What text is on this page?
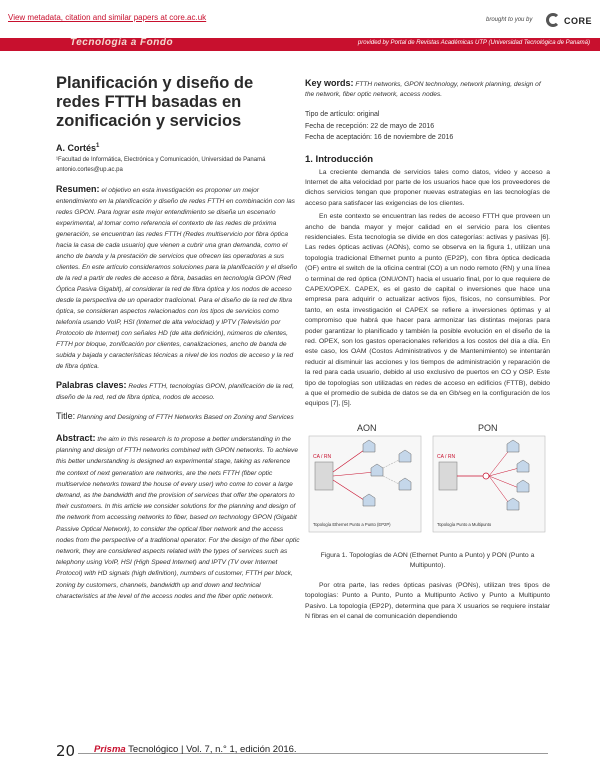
View metadata, citation and similar papers at core.ac.uk	brought to you by	CORE
Tecnología a Fondo	provided by Portal de Revistas Académicas UTP (Universidad Tecnológica de Panamá)
Planificación y diseño de redes FTTH basadas en zonificación y servicios
A. Cortés$^1$
¹Facultad de Informática, Electrónica y Comunicación, Universidad de Panamá
antonio.cortes@up.ac.pa

Resumen: el objetivo en esta investigación es proponer un mejor entendimiento en la planificación y diseño de redes FTTH en combinación con las redes GPON. Para lograr este mejor entendimiento se diseña un escenario experimental, al tomar como referencia el contexto de las redes de próxima generación, se encuentran las redes FTTH (Redes multiservicio por fibra óptica hacia la casa de cada usuario) que vienen a cubrir una gran demanda, como el ancho de banda y la prestación de servicios que ofrecen las operadoras a sus clientes. En este artículo consideramos soluciones para la planificación y el diseño de la red a partir de redes de acceso a fibra, basadas en tecnología GPON (Red Óptica Pasiva Gigabit), al considerar la red de fibra óptica y los nodos de acceso desde la perspectiva de un operador tradicional. Para el diseño de la red de fibra óptica, se consideran aspectos relacionados con los tipos de servicios como telefonía usando VoIP, HSI (Internet de alta velocidad) y IPTV (Televisión por Protocolo de Internet) con señales HD (de alta definición), números de clientes, FTTH por bloque, zonificación por clientes, canalizaciones, ancho de banda de subida y bajada y características técnicas a nivel de los nodos de acceso y la red de fibra óptica.

Palabras claves: Redes FTTH, tecnologías GPON, planificación de la red, diseño de la red, red de fibra óptica, nodos de acceso.

Title: Planning and Designing of FTTH Networks Based on Zoning and Services

Abstract: the aim in this research is to propose a better understanding in the planning and design of FTTH networks combined with GPON networks. To achieve this better understanding is designed an experimental stage, taking as reference the context of next generation are networks, are the nets FTTH (fiber optic multiservice networks toward the house of every user) who come to cover a large demand, as the bandwidth and the provision of services that offer the operators to their customers. In this article we consider solutions for the planning and design of the network from accessing networks to fiber, based on technology GPON (Gigabit Passive Optical Network), to consider the optical fiber network and the access nodes from the perspective of a traditional operator. For the design of the fiber optic network, they are considered aspects related with the types of services such as telephony using VoIP, HSI (High Speed Internet) and IPTV (TV over Internet Protocol) with HD signals (high definition), numbers of customer, FTTH per block, zoning by customers, channels, bandwidth up and down and technical characteristics at the level of the access nodes and the fiber optic network.

Key words: FTTH networks, GPON technology, network planning, design of the network, fiber optic network, access nodes.

Tipo de artículo: original
Fecha de recepción: 22 de mayo de 2016
Fecha de aceptación: 16 de noviembre de 2016
1. Introducción

La creciente demanda de servicios tales como datos, video y acceso a Internet de alta velocidad por parte de los usuarios hace que los proveedores de dichos servicios tengan que proponer nuevas estrategias en las tecnologías de acceso para satisfacer las exigencias de los clientes.

En este contexto se encuentran las redes de acceso FTTH que proveen un ancho de banda mayor y mejor calidad en el servicio para los clientes residenciales. Esta tecnología se divide en dos categorías: activas y pasivas [6]. Las redes ópticas activas (AONs), como se observa en la figura 1, utilizan una topología tradicional Ethernet punto a punto (EP2P), con fibra óptica dedicada (OF) entre el switch de la oficina central (CO) a un nodo remoto (RN) y una línea o terminal de red óptica (ONU/ONT) hacia el usuario final, por lo que requiere de CAPEX/OPEX. CAPEX, es el gasto de capital o inversiones que hace una empresa para adquirir o actualizar activos fijos, físicos, no consumibles. Por tanto, en esta investigación el CAPEX se refiere a inversiones óptimas y al compromiso que habrá que hacer para armonizar las distintas mejoras para poder garantizar lo planificado y también la posible evolución en el diseño de la red. OPEX, son los gastos operacionales referidos a los costos del día a día. En este caso, los OAM (Costos Administrativos y de Mantenimiento) se intentarán reducir al disminuir las acciones y los tiempos de administración y reparación de la red para cada usuario, debido al uso exclusivo de puertos en CO y OSP. Este tipo de topologías son utilizadas en redes de acceso en edificios (FTTB), debido a que el promedio de subida de datos se da en Gb/seg en la configuración de los equipos [7], [5].

AON
CA / RN
Topología Ethernet Punto a Punto (EP2P)
PON
CA / RN
Topología Punto a Multipunto

Figura 1. Topologías de AON (Ethernet Punto a Punto) y PON (Punto a Multipunto).

Por otra parte, las redes ópticas pasivas (PONs), utilizan tres tipos de topologías: Punto a Punto, Punto a Multipunto Activo y Punto a Multipunto Pasivo. La topología (EP2P), determina que para X usuarios se requiere instalar N fibras en el canal de comunicación dependiendo

20 Prisma Tecnológico | Vol. 7, n.° 1, edición 2016.
